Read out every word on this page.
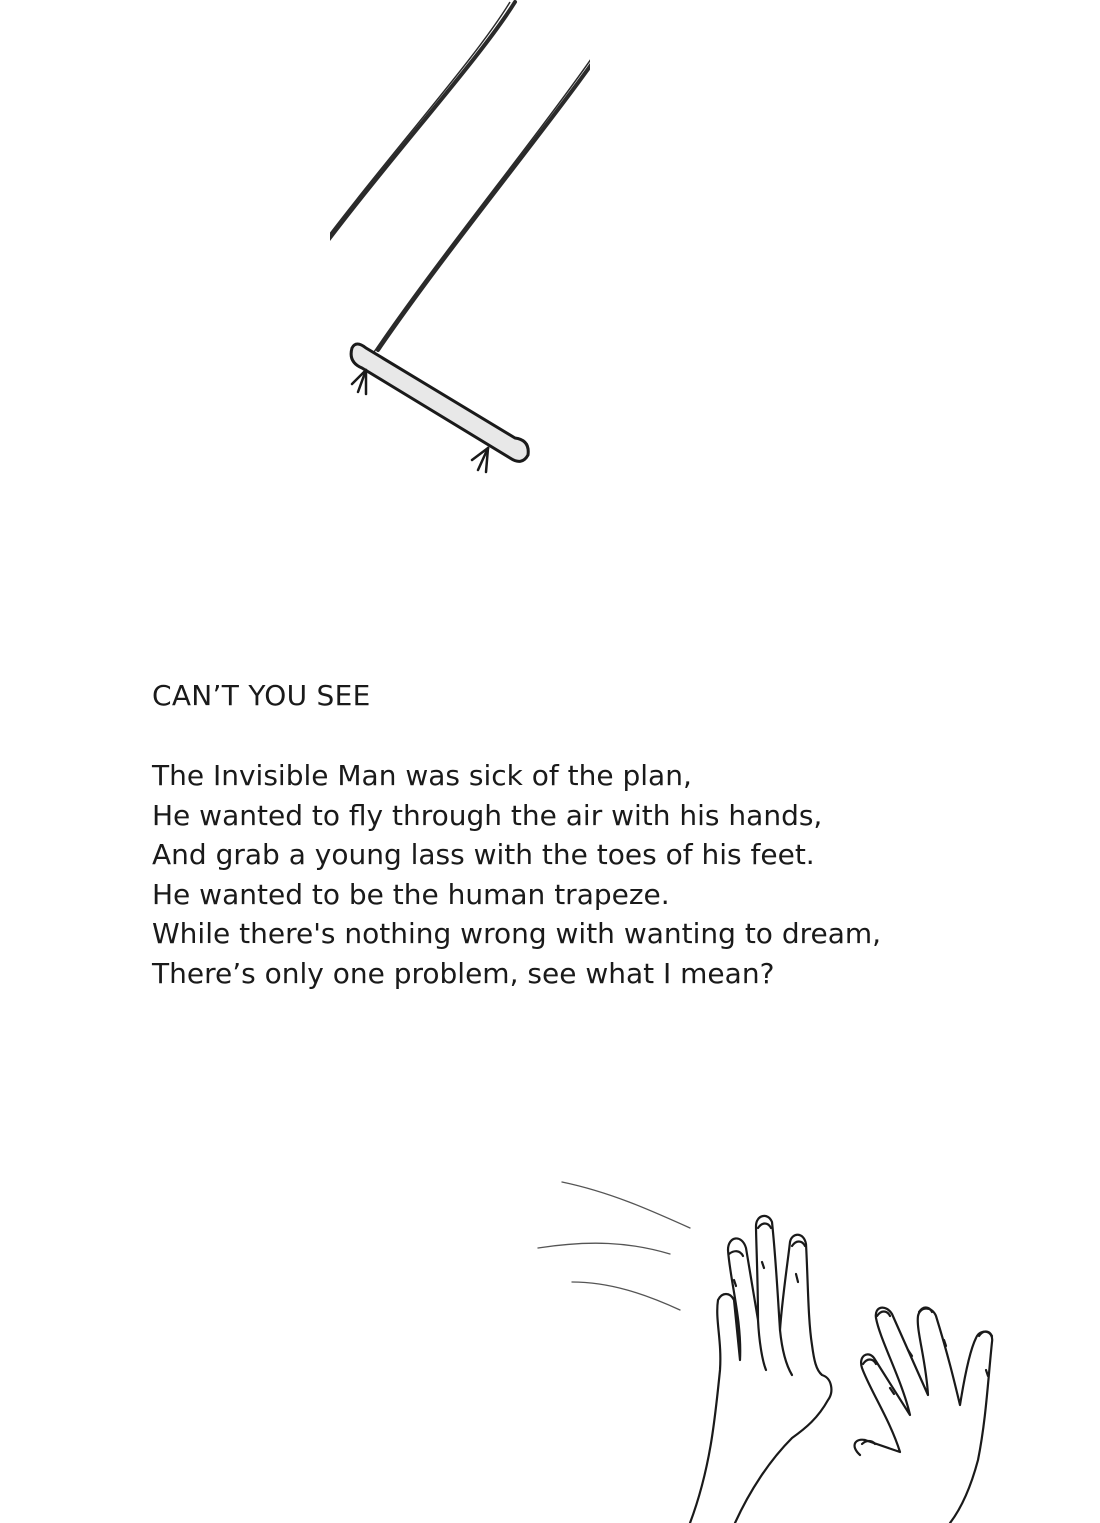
CAN’T YOU SEE

The Invisible Man was sick of the plan,

He wanted to fly through the air with his hands,

And grab a young lass with the toes of his feet.

He wanted to be the human trapeze.

While there's nothing wrong with wanting to dream,

There’s only one problem, see what I mean?
